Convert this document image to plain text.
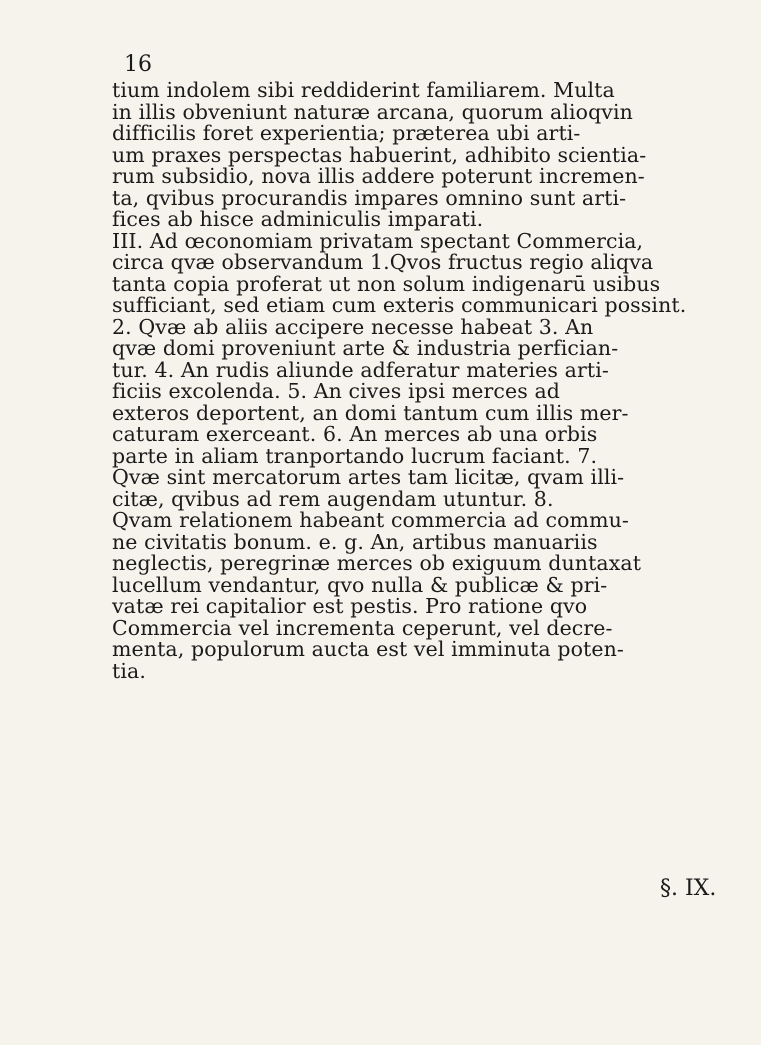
16
tium indolem sibi reddiderint familiarem. Multa
in illis obveniunt naturæ arcana, quorum alioqvin
difficilis foret experientia; præterea ubi arti-
um praxes perspectas habuerint, adhibito scientia-
rum subsidio, nova illis addere poterunt incremen-
ta, qvibus procurandis impares omnino sunt arti-
fices ab hisce adminiculis imparati.
III. Ad œconomiam privatam spectant Commercia,
circa qvæ observandum 1.Qvos fructus regio aliqva
tanta copia proferat ut non solum indigenarū usibus
sufficiant, sed etiam cum exteris communicari possint.
2. Qvæ ab aliis accipere necesse habeat 3. An
qvæ domi proveniunt arte & industria perfician-
tur. 4. An rudis aliunde adferatur materies arti-
ficiis excolenda. 5. An cives ipsi merces ad
exteros deportent, an domi tantum cum illis mer-
caturam exerceant. 6. An merces ab una orbis
parte in aliam tranportando lucrum faciant. 7.
Qvæ sint mercatorum artes tam licitæ, qvam illi-
citæ, qvibus ad rem augendam utuntur. 8.
Qvam relationem habeant commercia ad commu-
ne civitatis bonum. e. g. An, artibus manuariis
neglectis, peregrinæ merces ob exiguum duntaxat
lucellum vendantur, qvo nulla & publicæ & pri-
vatæ rei capitalior est pestis. Pro ratione qvo
Commercia vel incrementa ceperunt, vel decre-
menta, populorum aucta est vel imminuta poten-
tia.
§. IX.
